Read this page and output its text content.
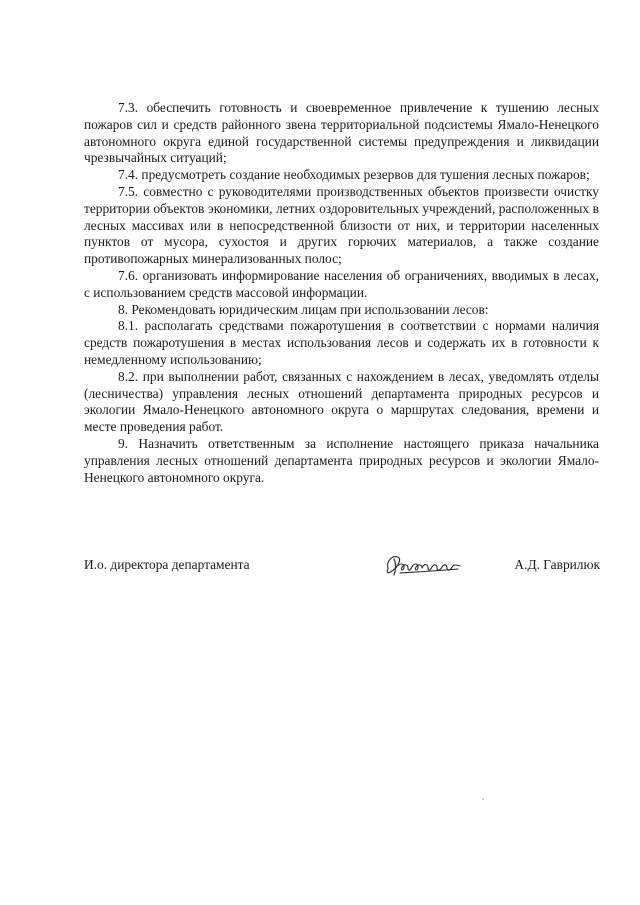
7.3. обеспечить готовность и своевременное привлечение к тушению лесных пожаров сил и средств районного звена территориальной подсистемы Ямало-Ненецкого автономного округа единой государственной системы предупреждения и ликвидации чрезвычайных ситуаций;

7.4. предусмотреть создание необходимых резервов для тушения лесных пожаров;

7.5. совместно с руководителями производственных объектов произвести очистку территории объектов экономики, летних оздоровительных учреждений, расположенных в лесных массивах или в непосредственной близости от них, и территории населенных пунктов от мусора, сухостоя и других горючих материалов, а также создание противопожарных минерализованных полос;

7.6. организовать информирование населения об ограничениях, вводимых в лесах, с использованием средств массовой информации.

8. Рекомендовать юридическим лицам при использовании лесов:

8.1. располагать средствами пожаротушения в соответствии с нормами наличия средств пожаротушения в местах использования лесов и содержать их в готовности к немедленному использованию;

8.2. при выполнении работ, связанных с нахождением в лесах, уведомлять отделы (лесничества) управления лесных отношений департамента природных ресурсов и экологии Ямало-Ненецкого автономного округа о маршрутах следования, времени и месте проведения работ.

9. Назначить ответственным за исполнение настоящего приказа начальника управления лесных отношений департамента природных ресурсов и экологии Ямало-Ненецкого автономного округа.

И.о. директора департамента	А.Д. Гаврилюк
